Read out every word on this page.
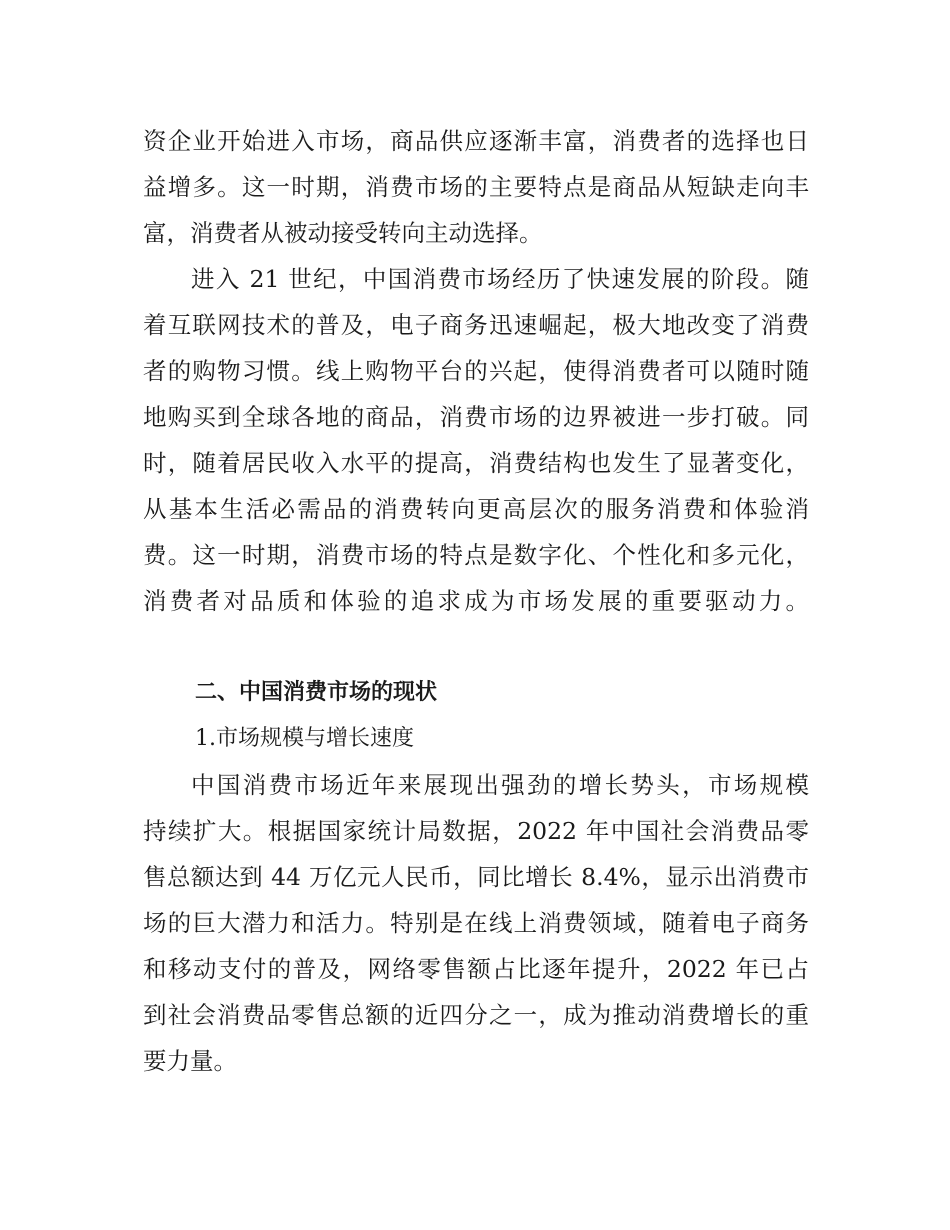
资企业开始进入市场，商品供应逐渐丰富，消费者的选择也日
益增多。这一时期，消费市场的主要特点是商品从短缺走向丰
富，消费者从被动接受转向主动选择。
进入 21 世纪，中国消费市场经历了快速发展的阶段。随
着互联网技术的普及，电子商务迅速崛起，极大地改变了消费
者的购物习惯。线上购物平台的兴起，使得消费者可以随时随
地购买到全球各地的商品，消费市场的边界被进一步打破。同
时，随着居民收入水平的提高，消费结构也发生了显著变化，
从基本生活必需品的消费转向更高层次的服务消费和体验消
费。这一时期，消费市场的特点是数字化、个性化和多元化，
消费者对品质和体验的追求成为市场发展的重要驱动力。
二、中国消费市场的现状
1.市场规模与增长速度
中国消费市场近年来展现出强劲的增长势头，市场规模
持续扩大。根据国家统计局数据，2022 年中国社会消费品零
售总额达到 44 万亿元人民币，同比增长 8.4%，显示出消费市
场的巨大潜力和活力。特别是在线上消费领域，随着电子商务
和移动支付的普及，网络零售额占比逐年提升，2022 年已占
到社会消费品零售总额的近四分之一，成为推动消费增长的重
要力量。
